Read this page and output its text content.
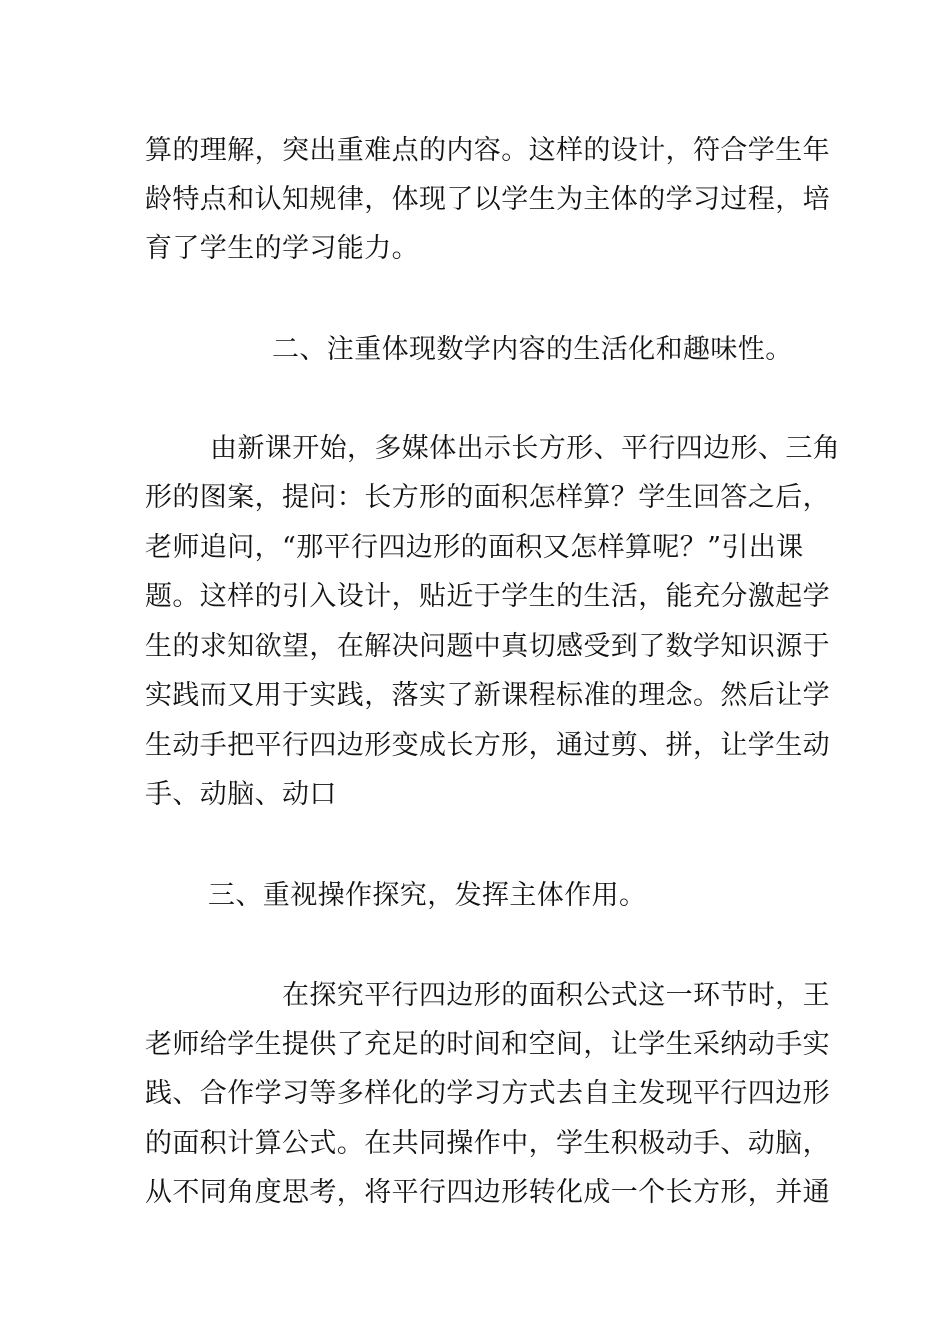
算的理解，突出重难点的内容。这样的设计，符合学生年
龄特点和认知规律，体现了以学生为主体的学习过程，培
育了学生的学习能力。
二、注重体现数学内容的生活化和趣味性。
由新课开始，多媒体出示长方形、平行四边形、三角
形的图案，提问：长方形的面积怎样算？学生回答之后，
老师追问，“那平行四边形的面积又怎样算呢？”引出课
题。这样的引入设计，贴近于学生的生活，能充分激起学
生的求知欲望，在解决问题中真切感受到了数学知识源于
实践而又用于实践，落实了新课程标准的理念。然后让学
生动手把平行四边形变成长方形，通过剪、拼，让学生动
手、动脑、动口
三、重视操作探究，发挥主体作用。
在探究平行四边形的面积公式这一环节时，王
老师给学生提供了充足的时间和空间，让学生采纳动手实
践、合作学习等多样化的学习方式去自主发现平行四边形
的面积计算公式。在共同操作中，学生积极动手、动脑，
从不同角度思考，将平行四边形转化成一个长方形，并通
